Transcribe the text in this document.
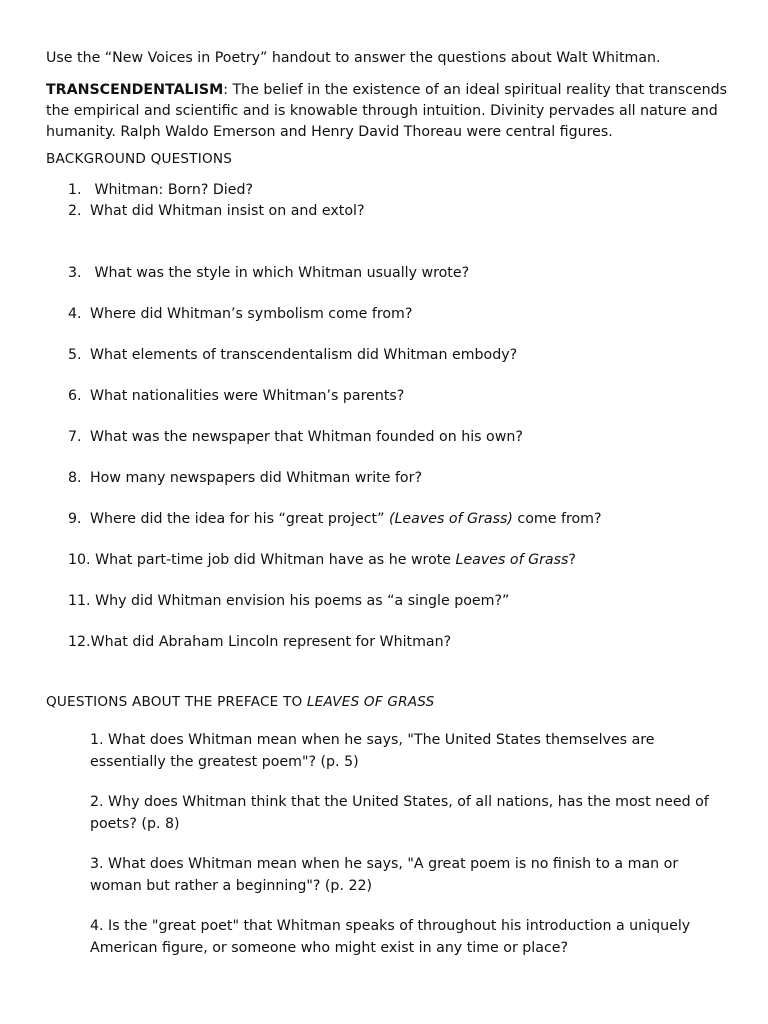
Use the “New Voices in Poetry” handout to answer the questions about Walt Whitman.
TRANSCENDENTALISM: The belief in the existence of an ideal spiritual reality that transcends the empirical and scientific and is knowable through intuition. Divinity pervades all nature and humanity. Ralph Waldo Emerson and Henry David Thoreau were central figures.
BACKGROUND QUESTIONS
1. Whitman: Born? Died?
2. What did Whitman insist on and extol?
3. What was the style in which Whitman usually wrote?
4. Where did Whitman’s symbolism come from?
5. What elements of transcendentalism did Whitman embody?
6. What nationalities were Whitman’s parents?
7. What was the newspaper that Whitman founded on his own?
8. How many newspapers did Whitman write for?
9. Where did the idea for his “great project” (Leaves of Grass) come from?
10. What part-time job did Whitman have as he wrote Leaves of Grass?
11. Why did Whitman envision his poems as “a single poem?”
12.What did Abraham Lincoln represent for Whitman?
QUESTIONS ABOUT THE PREFACE TO LEAVES OF GRASS
1. What does Whitman mean when he says, "The United States themselves are essentially the greatest poem"? (p. 5)
2. Why does Whitman think that the United States, of all nations, has the most need of poets? (p. 8)
3. What does Whitman mean when he says, "A great poem is no finish to a man or woman but rather a beginning"? (p. 22)
4. Is the "great poet" that Whitman speaks of throughout his introduction a uniquely American figure, or someone who might exist in any time or place?
